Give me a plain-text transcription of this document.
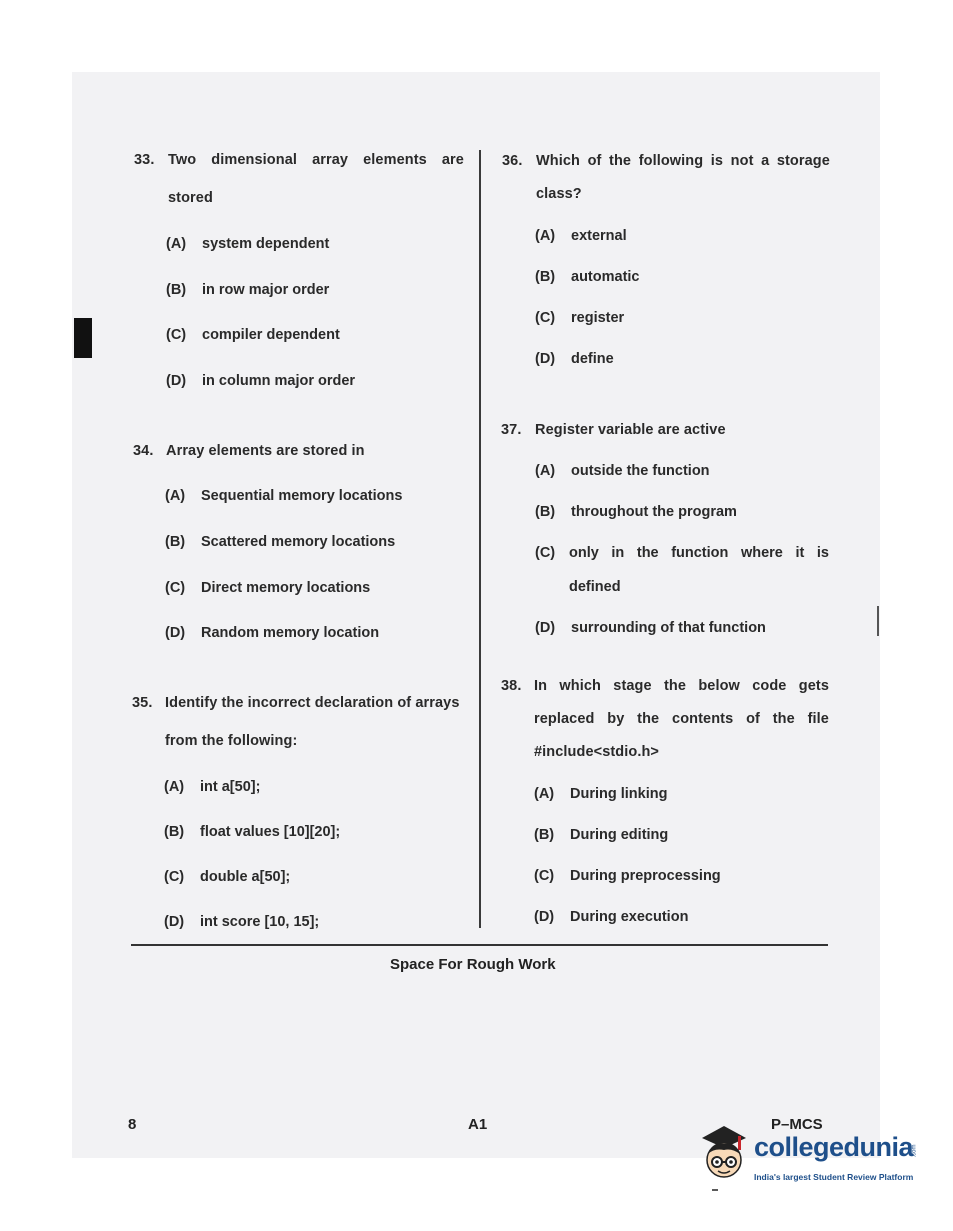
33. Two dimensional array elements are
stored
(A) system dependent
(B) in row major order
(C) compiler dependent
(D) in column major order
34. Array elements are stored in
(A) Sequential memory locations
(B) Scattered memory locations
(C) Direct memory locations
(D) Random memory location
35. Identify the incorrect declaration of arrays
from the following:
(A) int a[50];
(B) float values [10][20];
(C) double a[50];
(D) int score [10, 15];
36. Which of the following is not a storage
class?
(A) external
(B) automatic
(C) register
(D) define
37. Register variable are active
(A) outside the function
(B) throughout the program
(C) only in the function where it is
defined
(D) surrounding of that function
38. In which stage the below code gets
replaced by the contents of the file
#include<stdio.h>
(A) During linking
(B) During editing
(C) During preprocessing
(D) During execution
Space For Rough Work
8	A1	P–MCS
collegedunia
.com
India's largest Student Review Platform
